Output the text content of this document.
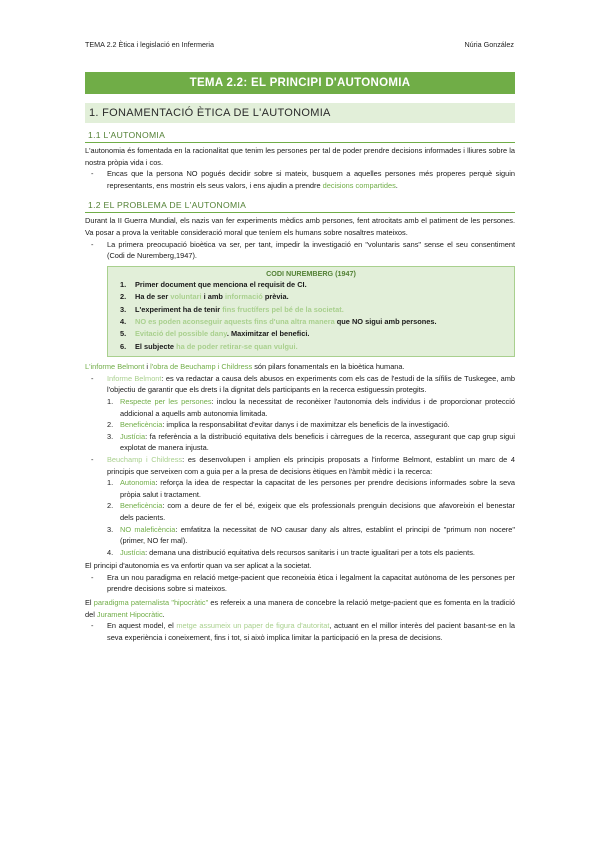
TEMA 2.2 Ètica i legislació en Infermeria	Núria González
TEMA 2.2: EL PRINCIPI D'AUTONOMIA
1. FONAMENTACIÓ ÈTICA DE L'AUTONOMIA
1.1 L'AUTONOMIA
L'autonomia és fomentada en la racionalitat que tenim les persones per tal de poder prendre decisions informades i lliures sobre la nostra pròpia vida i cos.
- Encas que la persona NO pogués decidir sobre si mateix, busquem a aquelles persones més properes perquè siguin representants, ens mostrin els seus valors, i ens ajudin a prendre decisions compartides.
1.2 EL PROBLEMA DE L'AUTONOMIA
Durant la II Guerra Mundial, els nazis van fer experiments mèdics amb persones, fent atrocitats amb el patiment de les persones. Va posar a prova la veritable consideració moral que teníem els humans sobre nosaltres mateixos.
- La primera preocupació bioètica va ser, per tant, impedir la investigació en "voluntaris sans" sense el seu consentiment (Codi de Nuremberg,1947).
CODI NUREMBERG (1947)
1. Primer document que menciona el requisit de CI.
2. Ha de ser voluntari i amb informació prèvia.
3. L'experiment ha de tenir fins fructífers pel bé de la societat.
4. NO es poden aconseguir aquests fins d'una altra manera que NO sigui amb persones.
5. Evitació del possible dany. Maximitzar el benefici.
6. El subjecte ha de poder retirar-se quan vulgui.
L'informe Belmont i l'obra de Beuchamp i Childress són pilars fonamentals en la bioètica humana.
- Informe Belmont: es va redactar a causa dels abusos en experiments com els cas de l'estudi de la sífilis de Tuskegee, amb l'objectiu de garantir que els drets i la dignitat dels participants en la recerca estiguessin protegits.
1. Respecte per les persones: inclou la necessitat de reconèixer l'autonomia dels individus i de proporcionar protecció addicional a aquells amb autonomia limitada.
2. Beneficència: implica la responsabilitat d'evitar danys i de maximitzar els beneficis de la investigació.
3. Justícia: fa referència a la distribució equitativa dels beneficis i càrregues de la recerca, assegurant que cap grup sigui explotat de manera injusta.
- Beuchamp i Childress: es desenvolupen i amplien els principis proposats a l'informe Belmont, establint un marc de 4 principis que serveixen com a guia per a la presa de decisions ètiques en l'àmbit mèdic i la recerca:
1. Autonomia: reforça la idea de respectar la capacitat de les persones per prendre decisions informades sobre la seva pròpia salut i tractament.
2. Beneficència: com a deure de fer el bé, exigeix que els professionals prenguin decisions que afavoreixin el benestar dels pacients.
3. NO maleficència: emfatitza la necessitat de NO causar dany als altres, establint el principi de "primum non nocere" (primer, NO fer mal).
4. Justícia: demana una distribució equitativa dels recursos sanitaris i un tracte igualitari per a tots els pacients.
El principi d'autonomia es va enfortir quan va ser aplicat a la societat.
- Era un nou paradigma en relació metge-pacient que reconeixia ètica i legalment la capacitat autònoma de les persones per prendre decisions sobre si mateixos.
El paradigma paternalista "hipocràtic" es refereix a una manera de concebre la relació metge-pacient que es fomenta en la tradició del Jurament Hipocràtic.
- En aquest model, el metge assumeix un paper de figura d'autoritat, actuant en el millor interès del pacient basant-se en la seva experiència i coneixement, fins i tot, si això implica limitar la participació en la presa de decisions.
